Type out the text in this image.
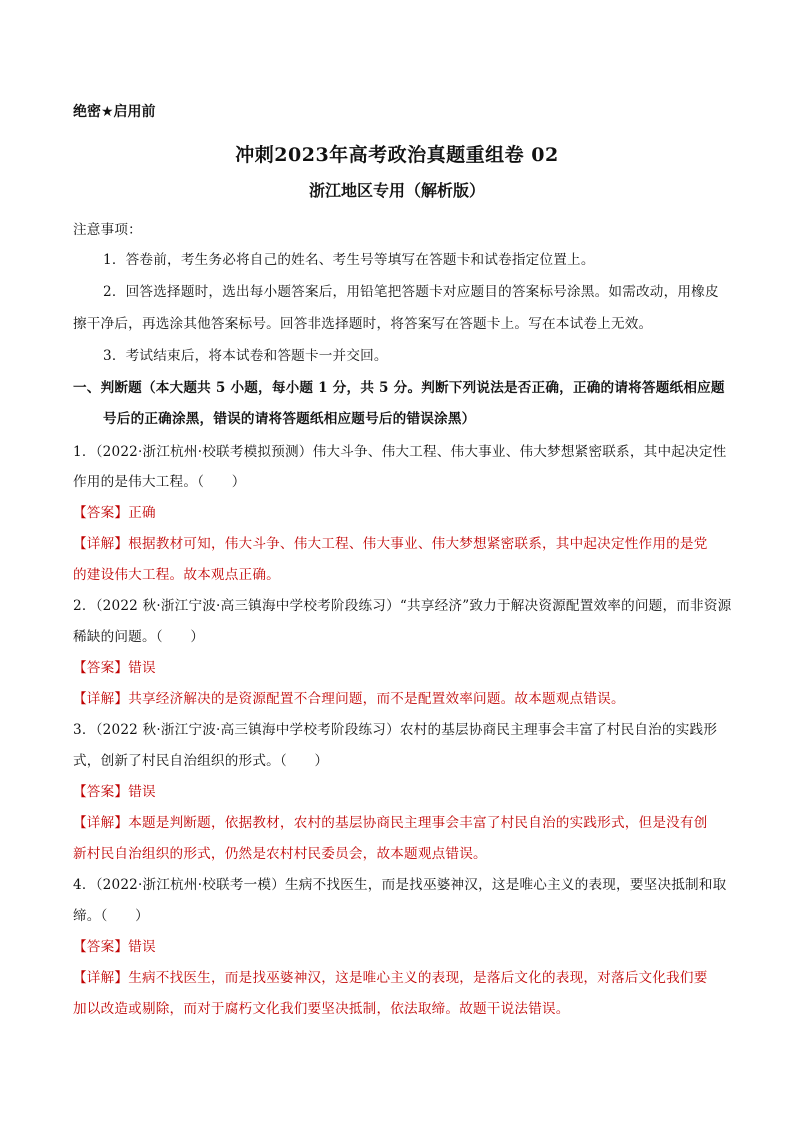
绝密★启用前
冲刺2023年高考政治真题重组卷 02
浙江地区专用（解析版）
注意事项：
1．答卷前，考生务必将自己的姓名、考生号等填写在答题卡和试卷指定位置上。
2．回答选择题时，选出每小题答案后，用铅笔把答题卡对应题目的答案标号涂黑。如需改动，用橡皮
擦干净后，再选涂其他答案标号。回答非选择题时，将答案写在答题卡上。写在本试卷上无效。
3．考试结束后，将本试卷和答题卡一并交回。
一、判断题（本大题共 5 小题，每小题 1 分，共 5 分。判断下列说法是否正确，正确的请将答题纸相应题
号后的正确涂黑，错误的请将答题纸相应题号后的错误涂黑）
1．（2022·浙江杭州·校联考模拟预测）伟大斗争、伟大工程、伟大事业、伟大梦想紧密联系，其中起决定性
作用的是伟大工程。（　　）
【答案】正确
【详解】根据教材可知，伟大斗争、伟大工程、伟大事业、伟大梦想紧密联系，其中起决定性作用的是党
的建设伟大工程。故本观点正确。
2．（2022 秋·浙江宁波·高三镇海中学校考阶段练习）“共享经济”致力于解决资源配置效率的问题，而非资源
稀缺的问题。（　　）
【答案】错误
【详解】共享经济解决的是资源配置不合理问题，而不是配置效率问题。故本题观点错误。
3．（2022 秋·浙江宁波·高三镇海中学校考阶段练习）农村的基层协商民主理事会丰富了村民自治的实践形
式，创新了村民自治组织的形式。（　　）
【答案】错误
【详解】本题是判断题，依据教材，农村的基层协商民主理事会丰富了村民自治的实践形式，但是没有创
新村民自治组织的形式，仍然是农村村民委员会，故本题观点错误。
4．（2022·浙江杭州·校联考一模）生病不找医生，而是找巫婆神汉，这是唯心主义的表现，要坚决抵制和取
缔。（　　）
【答案】错误
【详解】生病不找医生，而是找巫婆神汉，这是唯心主义的表现，是落后文化的表现，对落后文化我们要
加以改造或剔除，而对于腐朽文化我们要坚决抵制，依法取缔。故题干说法错误。
